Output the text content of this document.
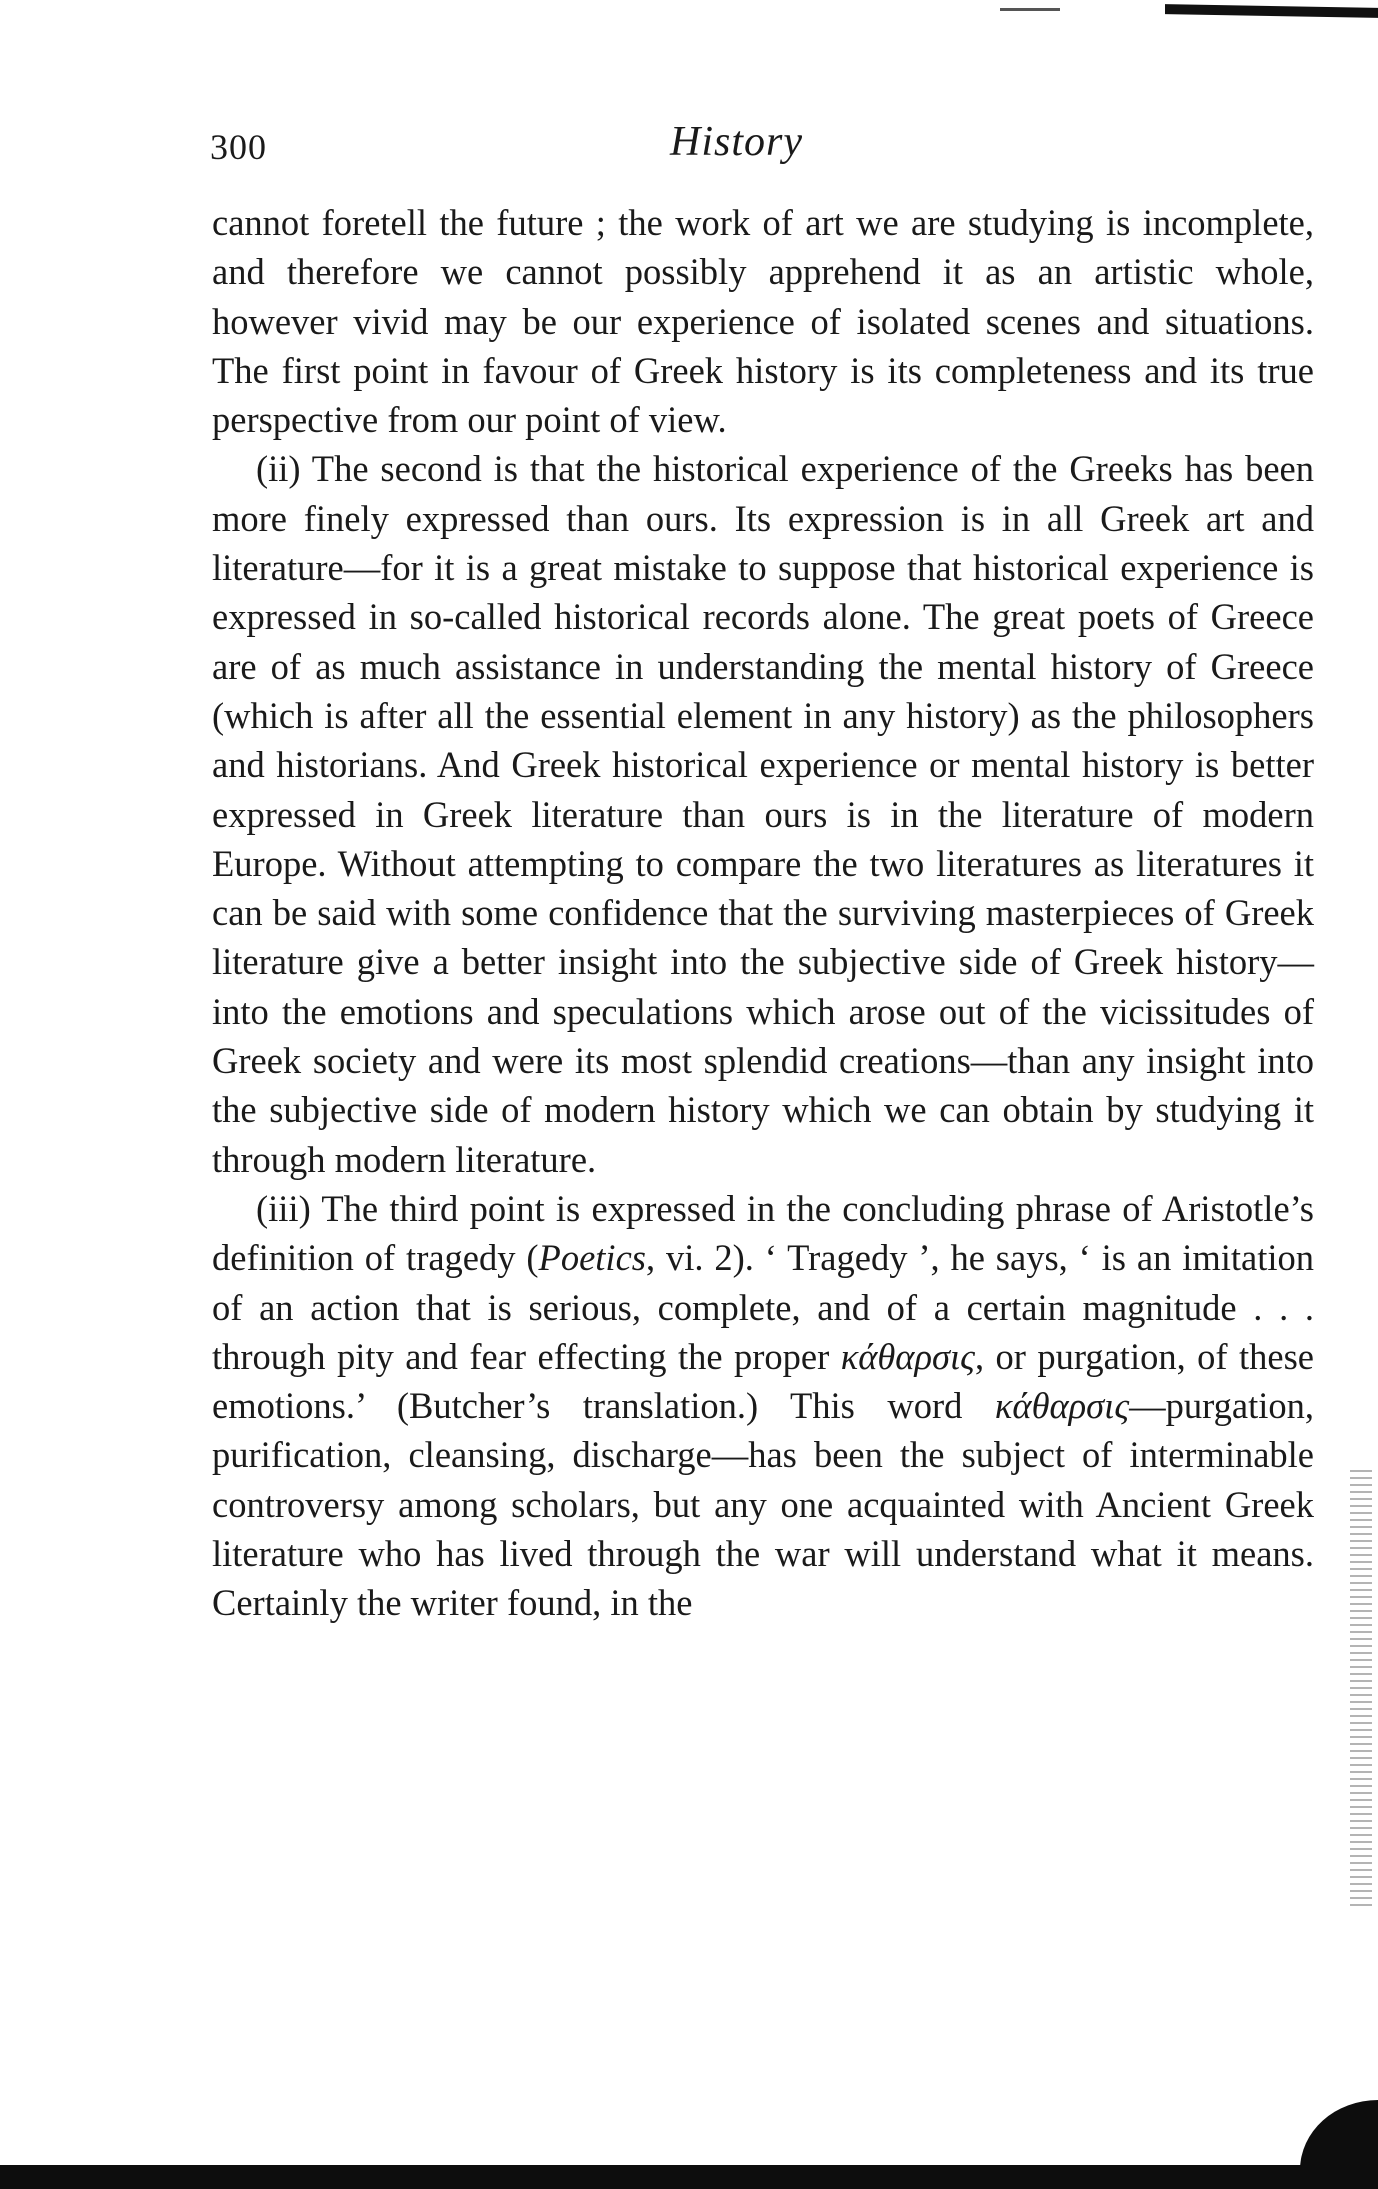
300	History

cannot foretell the future ; the work of art we are studying is incomplete, and therefore we cannot possibly apprehend it as an artistic whole, however vivid may be our experience of isolated scenes and situations. The first point in favour of Greek history is its completeness and its true perspective from our point of view.

(ii) The second is that the historical experience of the Greeks has been more finely expressed than ours. Its expression is in all Greek art and literature—for it is a great mistake to suppose that historical experience is expressed in so-called historical records alone. The great poets of Greece are of as much assistance in understanding the mental history of Greece (which is after all the essential element in any history) as the philosophers and historians. And Greek historical experience or mental history is better expressed in Greek literature than ours is in the literature of modern Europe. Without attempting to compare the two literatures as literatures it can be said with some confidence that the surviving masterpieces of Greek literature give a better insight into the subjective side of Greek history—into the emotions and speculations which arose out of the vicissitudes of Greek society and were its most splendid creations—than any insight into the subjective side of modern history which we can obtain by studying it through modern literature.

(iii) The third point is expressed in the concluding phrase of Aristotle’s definition of tragedy (Poetics, vi. 2). ‘ Tragedy ’, he says, ‘ is an imitation of an action that is serious, complete, and of a certain magnitude . . . through pity and fear effecting the proper κάθαρσις, or purgation, of these emotions.’ (Butcher’s translation.) This word κάθαρσις—purgation, purification, cleansing, discharge—has been the subject of interminable controversy among scholars, but any one acquainted with Ancient Greek literature who has lived through the war will understand what it means. Certainly the writer found, in the
